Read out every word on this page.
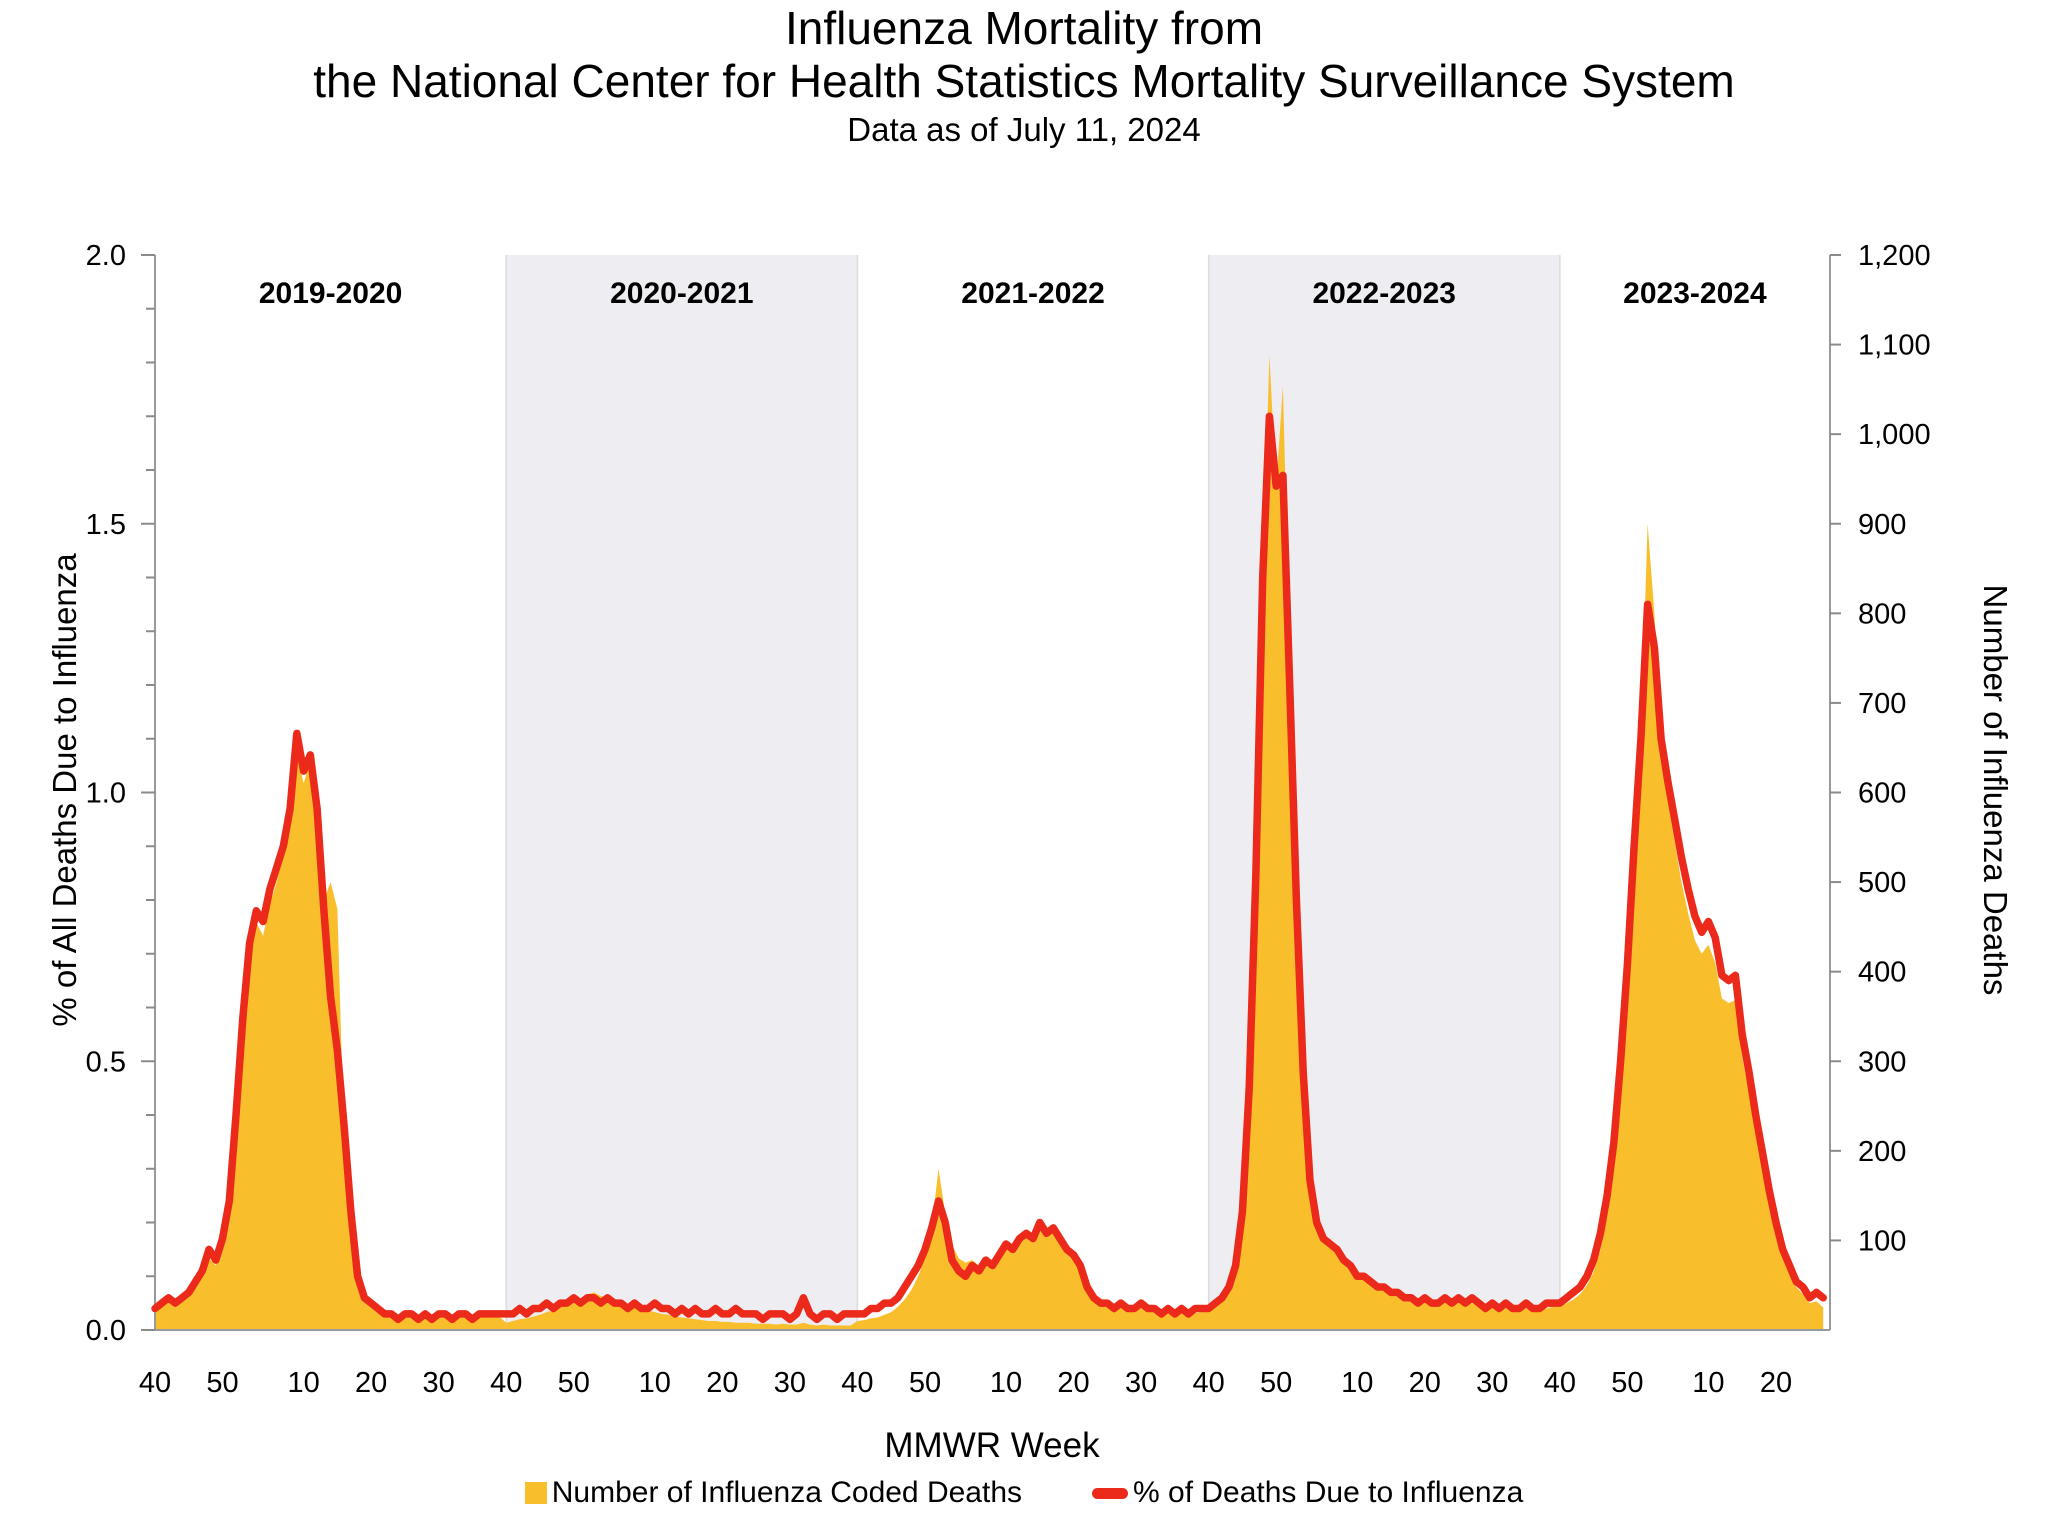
2019-2020	2020-2021	2021-2022	2022-2023	2023-2024
0.0
0.5
1.0
1.5
2.0
100
200
300
400
500
600
700
800
900
1,000
1,100
1,200
40 50 10 20 30 40 50 10 20 30 40 50 10 20 30 40 50 10 20 30 40 50 10 20

Influenza Mortality from

the National Center for Health Statistics Mortality Surveillance System

Data as of July 11, 2024

% of All Deaths Due to Influenza	Number of Influenza Deaths
MMWR Week
Number of Influenza Coded Deaths	% of Deaths Due to Influenza
